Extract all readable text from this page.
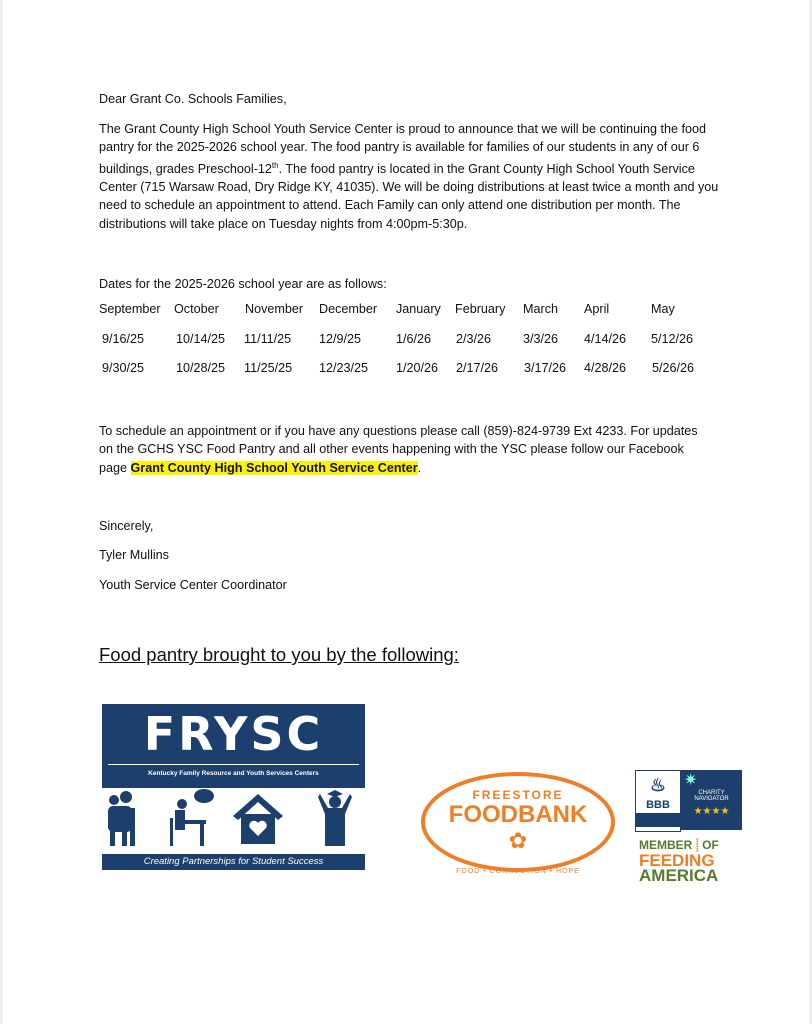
Dear Grant Co. Schools Families,

The Grant County High School Youth Service Center is proud to announce that we will be continuing the food pantry for the 2025-2026 school year. The food pantry is available for families of our students in any of our 6 buildings, grades Preschool-12th. The food pantry is located in the Grant County High School Youth Service Center (715 Warsaw Road, Dry Ridge KY, 41035). We will be doing distributions at least twice a month and you need to schedule an appointment to attend. Each Family can only attend one distribution per month. The distributions will take place on Tuesday nights from 4:00pm-5:30p.

Dates for the 2025-2026 school year are as follows:

September October November December January February March April	May
9/16/25	10/14/25 11/11/25 12/9/25	1/6/26 2/3/26	3/3/26 4/14/26 5/12/26
9/30/25	10/28/25 11/25/25 12/23/25 1/20/26 2/17/26 3/17/26 4/28/26 5/26/26

To schedule an appointment or if you have any questions please call (859)-824-9739 Ext 4233. For updates on the GCHS YSC Food Pantry and all other events happening with the YSC please follow our Facebook page Grant County High School Youth Service Center.

Sincerely,

Tyler Mullins

Youth Service Center Coordinator

Food pantry brought to you by the following:

FRYSC
Kentucky Family Resource and Youth Services Centers
Creating Partnerships for Student Success
FREESTORE
FOODBANK
✿
FOOD • CONNECTION • HOPE
♨
BBB
✷
CHARITY NAVIGATOR
★★★★
MEMBER ⸽ OF
FEEDING
AMERICA
